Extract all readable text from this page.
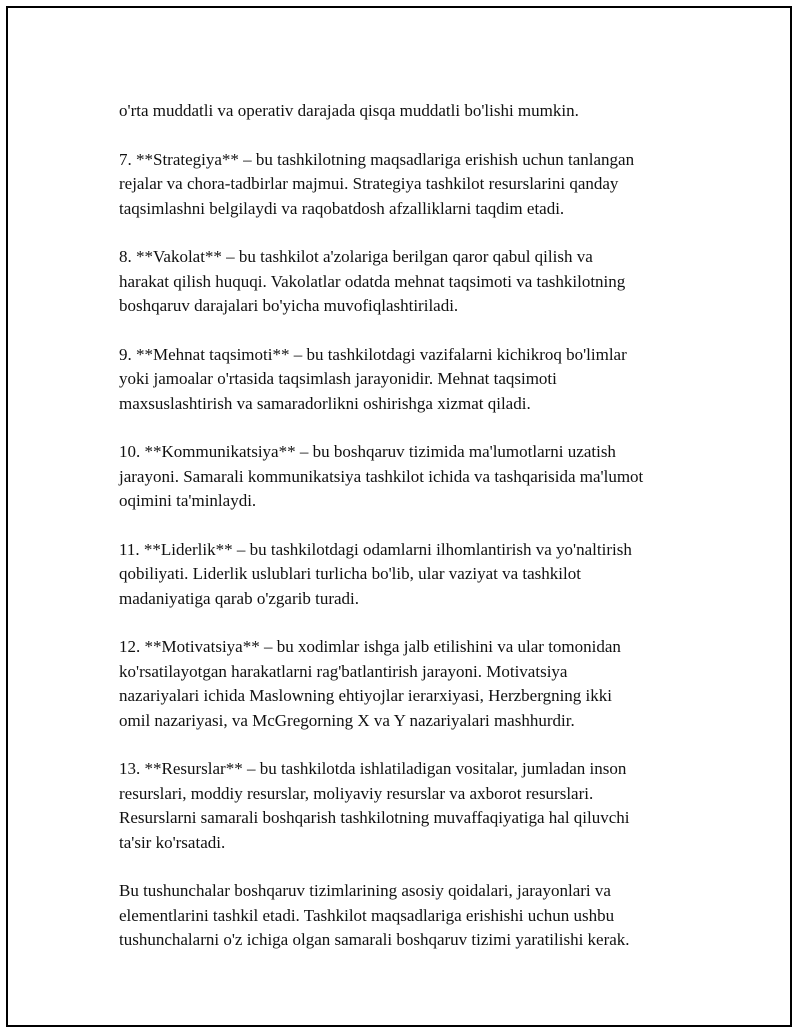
o'rta muddatli va operativ darajada qisqa muddatli bo'lishi mumkin.

7. **Strategiya** – bu tashkilotning maqsadlariga erishish uchun tanlangan
rejalar va chora-tadbirlar majmui. Strategiya tashkilot resurslarini qanday
taqsimlashni belgilaydi va raqobatdosh afzalliklarni taqdim etadi.

8. **Vakolat** – bu tashkilot a'zolariga berilgan qaror qabul qilish va
harakat qilish huquqi. Vakolatlar odatda mehnat taqsimoti va tashkilotning
boshqaruv darajalari bo'yicha muvofiqlashtiriladi.

9. **Mehnat taqsimoti** – bu tashkilotdagi vazifalarni kichikroq bo'limlar
yoki jamoalar o'rtasida taqsimlash jarayonidir. Mehnat taqsimoti
maxsuslashtirish va samaradorlikni oshirishga xizmat qiladi.

10. **Kommunikatsiya** – bu boshqaruv tizimida ma'lumotlarni uzatish
jarayoni. Samarali kommunikatsiya tashkilot ichida va tashqarisida ma'lumot
oqimini ta'minlaydi.

11. **Liderlik** – bu tashkilotdagi odamlarni ilhomlantirish va yo'naltirish
qobiliyati. Liderlik uslublari turlicha bo'lib, ular vaziyat va tashkilot
madaniyatiga qarab o'zgarib turadi.

12. **Motivatsiya** – bu xodimlar ishga jalb etilishini va ular tomonidan
ko'rsatilayotgan harakatlarni rag'batlantirish jarayoni. Motivatsiya
nazariyalari ichida Maslowning ehtiyojlar ierarxiyasi, Herzbergning ikki
omil nazariyasi, va McGregorning X va Y nazariyalari mashhurdir.

13. **Resurslar** – bu tashkilotda ishlatiladigan vositalar, jumladan inson
resurslari, moddiy resurslar, moliyaviy resurslar va axborot resurslari.
Resurslarni samarali boshqarish tashkilotning muvaffaqiyatiga hal qiluvchi
ta'sir ko'rsatadi.

Bu tushunchalar boshqaruv tizimlarining asosiy qoidalari, jarayonlari va
elementlarini tashkil etadi. Tashkilot maqsadlariga erishishi uchun ushbu
tushunchalarni o'z ichiga olgan samarali boshqaruv tizimi yaratilishi kerak.
